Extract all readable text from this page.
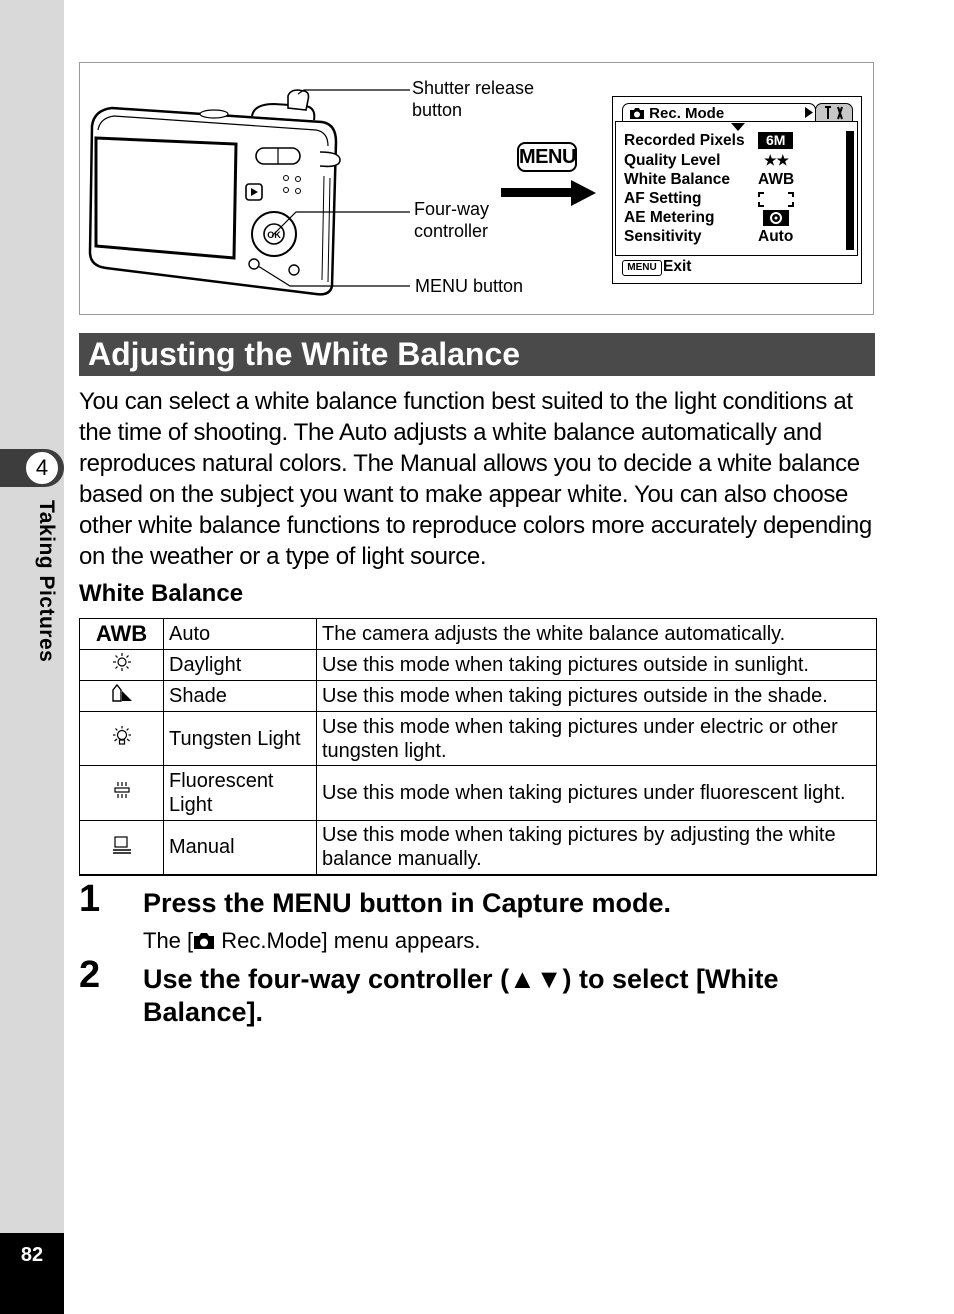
4
Taking Pictures
82
OK
Shutter release
button
Four-way
controller
MENU button
MENU
Rec. Mode
Recorded Pixels
Quality Level
White Balance
AF Setting
AE Metering
Sensitivity
6M
★★
AWB
Auto
MENU Exit
Adjusting the White Balance
You can select a white balance function best suited to the light conditions at the time of shooting. The Auto adjusts a white balance automatically and reproduces natural colors. The Manual allows you to decide a white balance based on the subject you want to make appear white. You can also choose other white balance functions to reproduce colors more accurately depending on the weather or a type of light source.
White Balance
AWB	Auto	The camera adjusts the white balance automatically.
	Daylight	Use this mode when taking pictures outside in sunlight.
	Shade	Use this mode when taking pictures outside in the shade.
	Tungsten Light	Use this mode when taking pictures under electric or other tungsten light.
	Fluorescent Light	Use this mode when taking pictures under fluorescent light.
	Manual	Use this mode when taking pictures by adjusting the white balance manually.
1 Press the MENU button in Capture mode.
The [ Rec.Mode] menu appears.
2 Use the four-way controller (▲▼) to select [White Balance].
